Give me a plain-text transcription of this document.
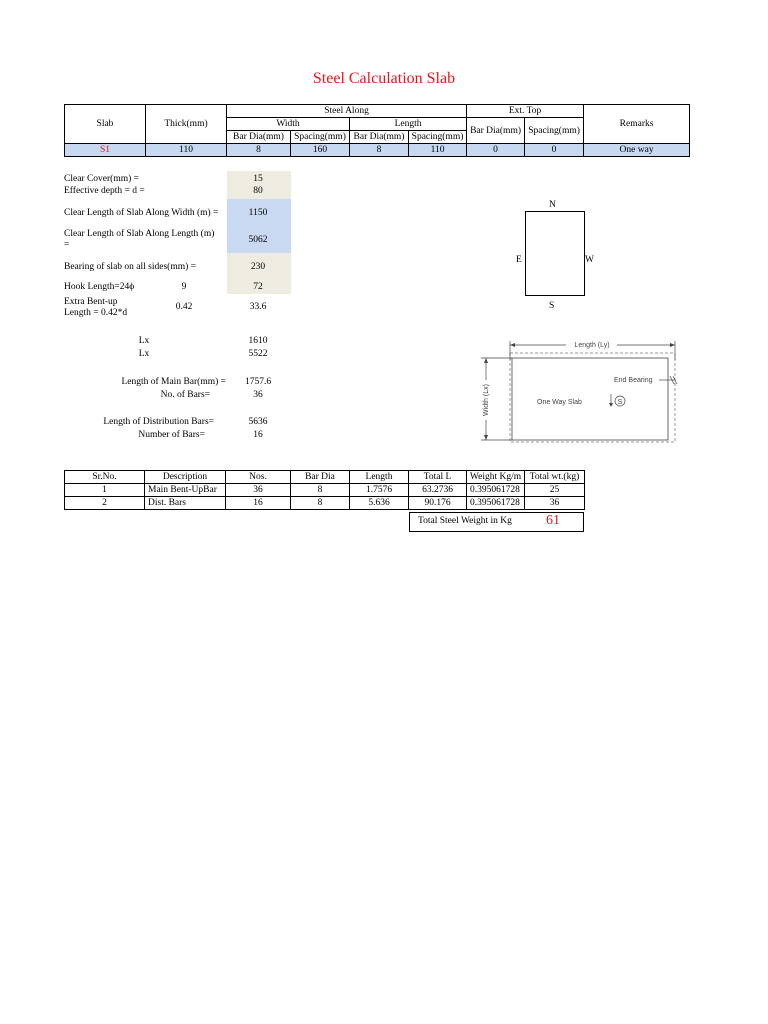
Steel Calculation Slab
Slab	Thick(mm)	Steel Along				Ext. Top		Remarks
		Width		Length		Bar Dia(mm)	Spacing(mm)	
		Bar Dia(mm)	Spacing(mm)	Bar Dia(mm)	Spacing(mm)			
S1	110	8	160	8	110	0	0	One way
Clear Cover(mm) =	15
Effective depth = d =	80
Clear Length of Slab Along Width (m) =	1150
Clear Length of Slab Along Length (m)
=	5062
Bearing of slab on all sides(mm) =	230
Hook Length=24ϕ	9	72
Extra Bent-up
Length = 0.42*d
0.42	33.6
Lx	1610
Lx	5522
Length of Main Bar(mm) =	1757.6
No. of Bars=	36
Length of Distribution Bars=	5636
Number of Bars=	16
N
S
E	W
Length (Ly)
Width (Lx)
End Bearing
One Way Slab	S
Sr.No.	Description	Nos.	Bar Dia	Length	Total L	Weight Kg/m	Total wt.(kg)
1	Main Bent-UpBar	36	8	1.7576	63.2736	0.395061728	25
2	Dist. Bars	16	8	5.636	90.176	0.395061728	36
Total Steel Weight in Kg 61
